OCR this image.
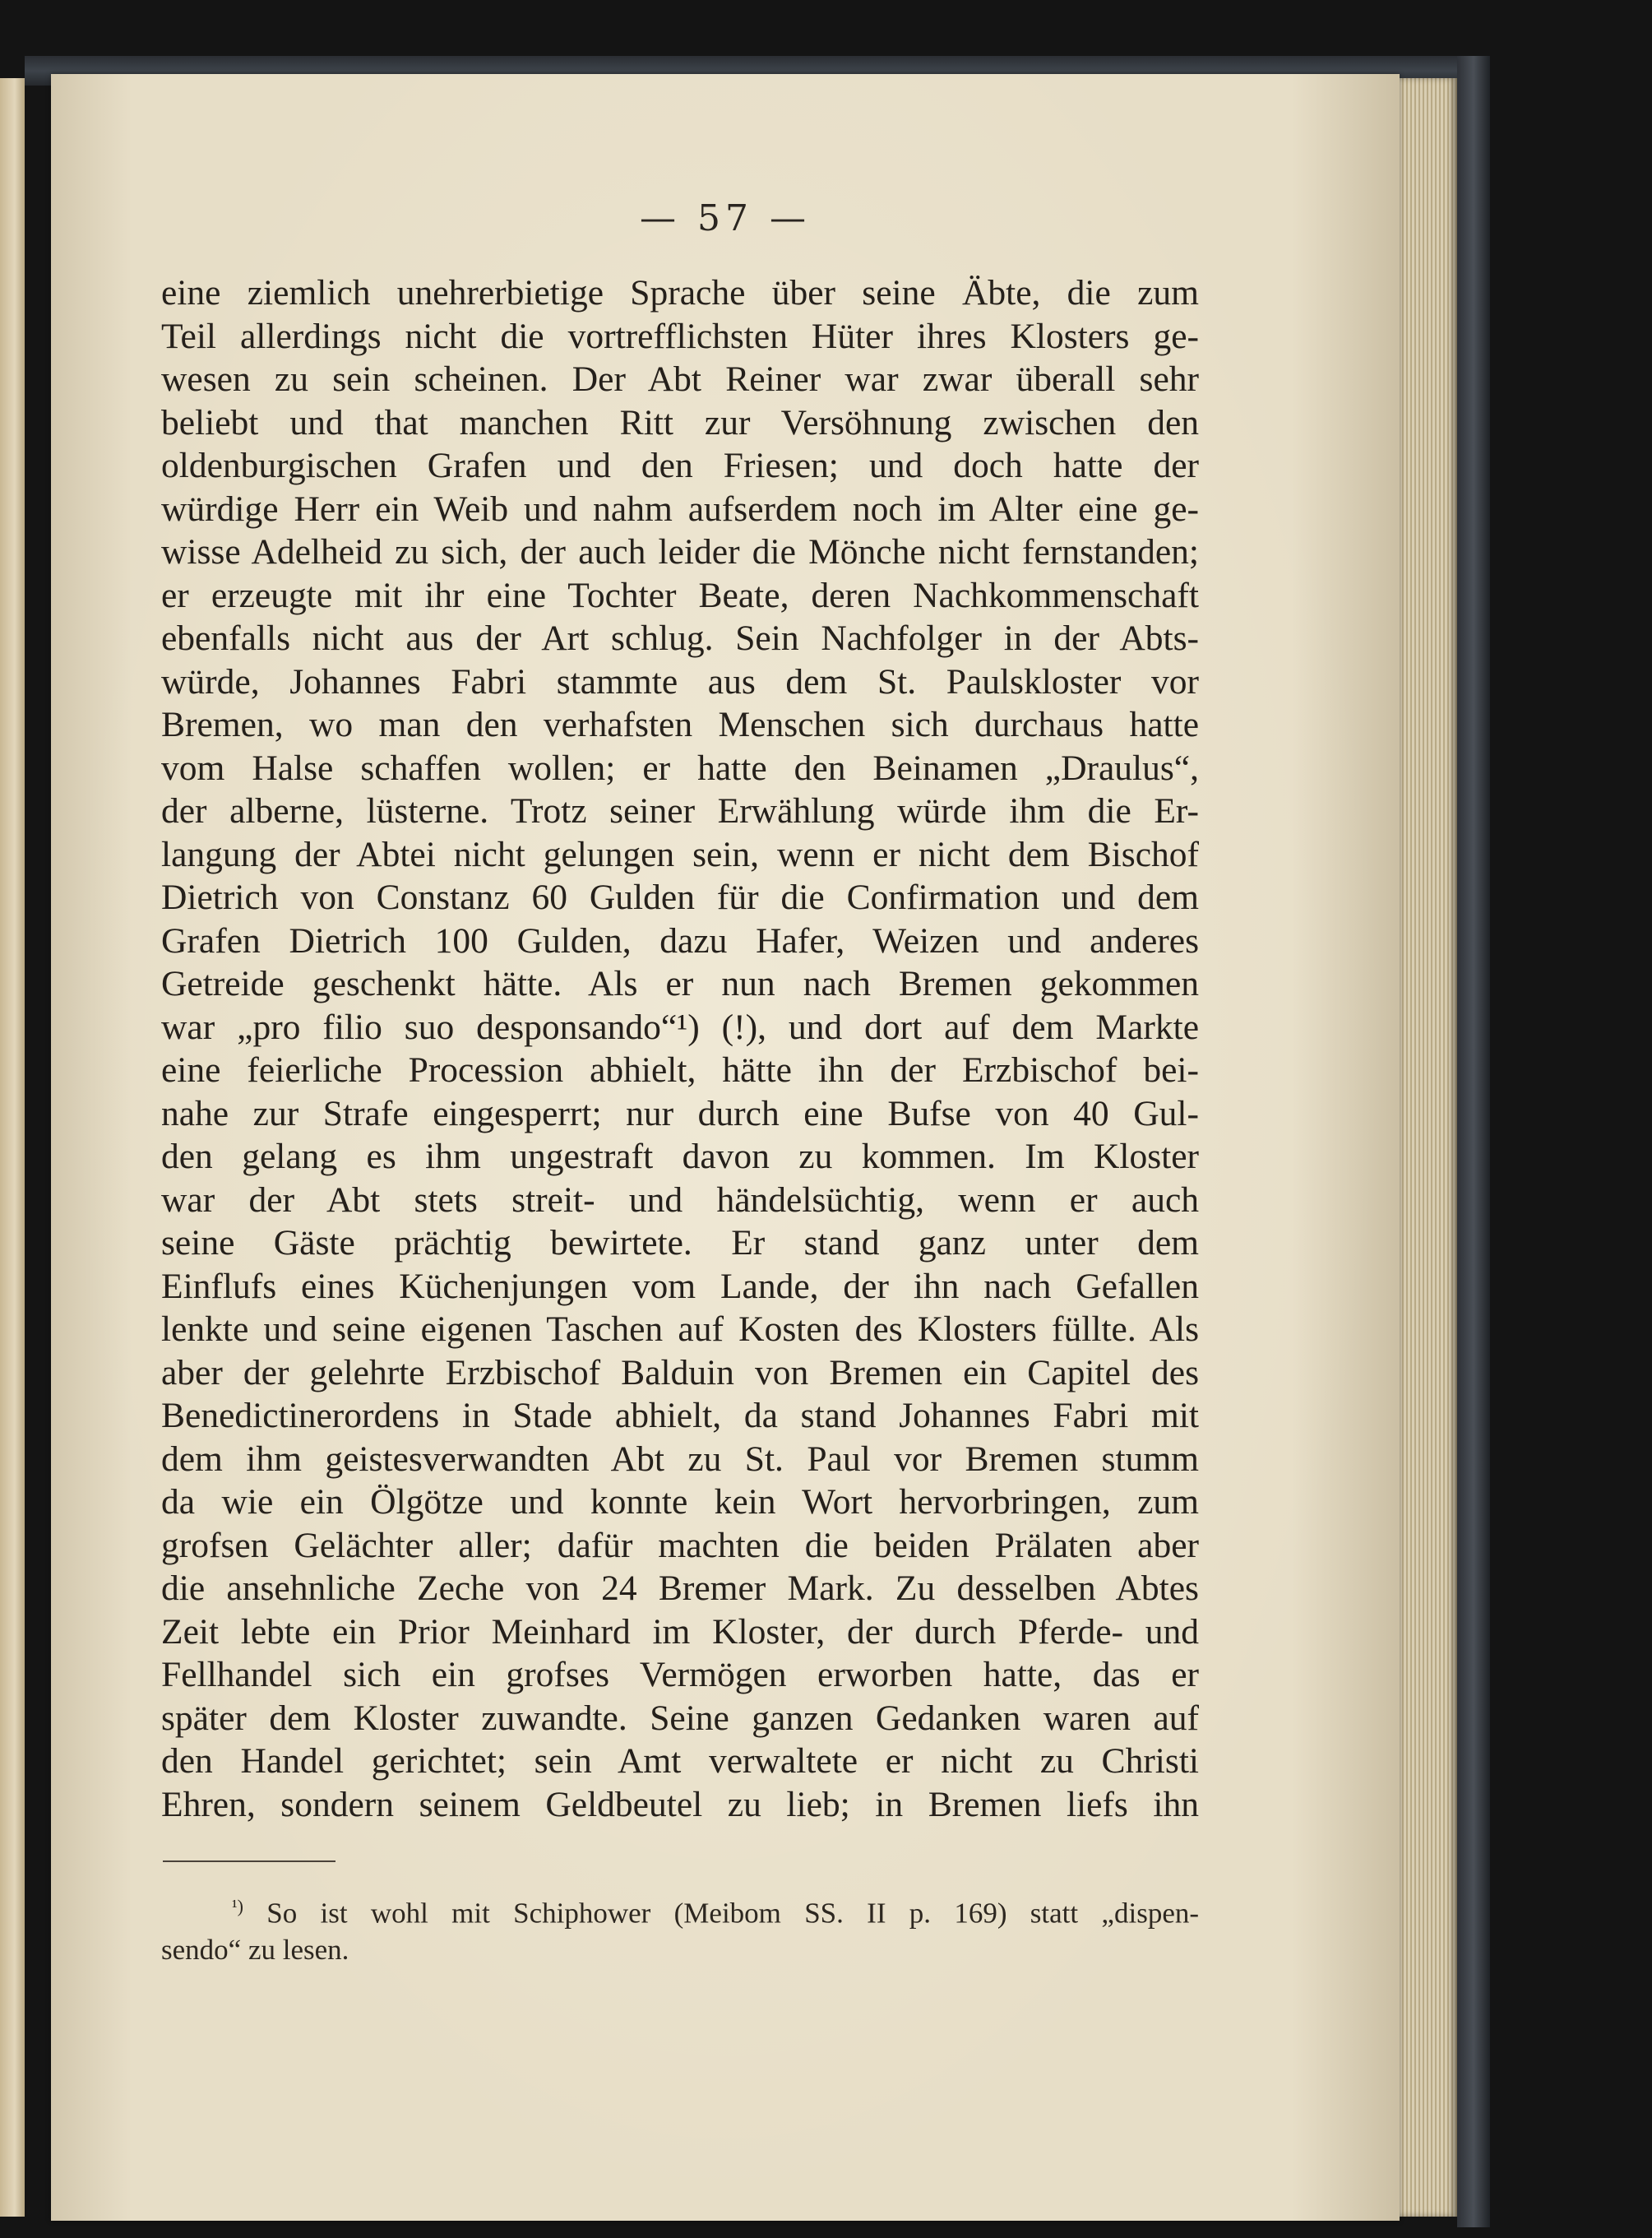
— 57 —
eine ziemlich unehrerbietige Sprache über seine Äbte, die zum
Teil allerdings nicht die vortrefflichsten Hüter ihres Klosters ge-
wesen zu sein scheinen. Der Abt Reiner war zwar überall sehr
beliebt und that manchen Ritt zur Versöhnung zwischen den
oldenburgischen Grafen und den Friesen; und doch hatte der
würdige Herr ein Weib und nahm aufserdem noch im Alter eine ge-
wisse Adelheid zu sich, der auch leider die Mönche nicht fernstanden;
er erzeugte mit ihr eine Tochter Beate, deren Nachkommenschaft
ebenfalls nicht aus der Art schlug. Sein Nachfolger in der Abts-
würde, Johannes Fabri stammte aus dem St. Paulskloster vor
Bremen, wo man den verhafsten Menschen sich durchaus hatte
vom Halse schaffen wollen; er hatte den Beinamen „Draulus“,
der alberne, lüsterne. Trotz seiner Erwählung würde ihm die Er-
langung der Abtei nicht gelungen sein, wenn er nicht dem Bischof
Dietrich von Constanz 60 Gulden für die Confirmation und dem
Grafen Dietrich 100 Gulden, dazu Hafer, Weizen und anderes
Getreide geschenkt hätte. Als er nun nach Bremen gekommen
war „pro filio suo desponsando“¹) (!), und dort auf dem Markte
eine feierliche Procession abhielt, hätte ihn der Erzbischof bei-
nahe zur Strafe eingesperrt; nur durch eine Bufse von 40 Gul-
den gelang es ihm ungestraft davon zu kommen. Im Kloster
war der Abt stets streit- und händelsüchtig, wenn er auch
seine Gäste prächtig bewirtete. Er stand ganz unter dem
Einflufs eines Küchenjungen vom Lande, der ihn nach Gefallen
lenkte und seine eigenen Taschen auf Kosten des Klosters füllte. Als
aber der gelehrte Erzbischof Balduin von Bremen ein Capitel des
Benedictinerordens in Stade abhielt, da stand Johannes Fabri mit
dem ihm geistesverwandten Abt zu St. Paul vor Bremen stumm
da wie ein Ölgötze und konnte kein Wort hervorbringen, zum
grofsen Gelächter aller; dafür machten die beiden Prälaten aber
die ansehnliche Zeche von 24 Bremer Mark. Zu desselben Abtes
Zeit lebte ein Prior Meinhard im Kloster, der durch Pferde- und
Fellhandel sich ein grofses Vermögen erworben hatte, das er
später dem Kloster zuwandte. Seine ganzen Gedanken waren auf
den Handel gerichtet; sein Amt verwaltete er nicht zu Christi
Ehren, sondern seinem Geldbeutel zu lieb; in Bremen liefs ihn
$^{^1)}$ So ist wohl mit Schiphower (Meibom SS. II p. 169) statt „dispen-
sendo“ zu lesen.
